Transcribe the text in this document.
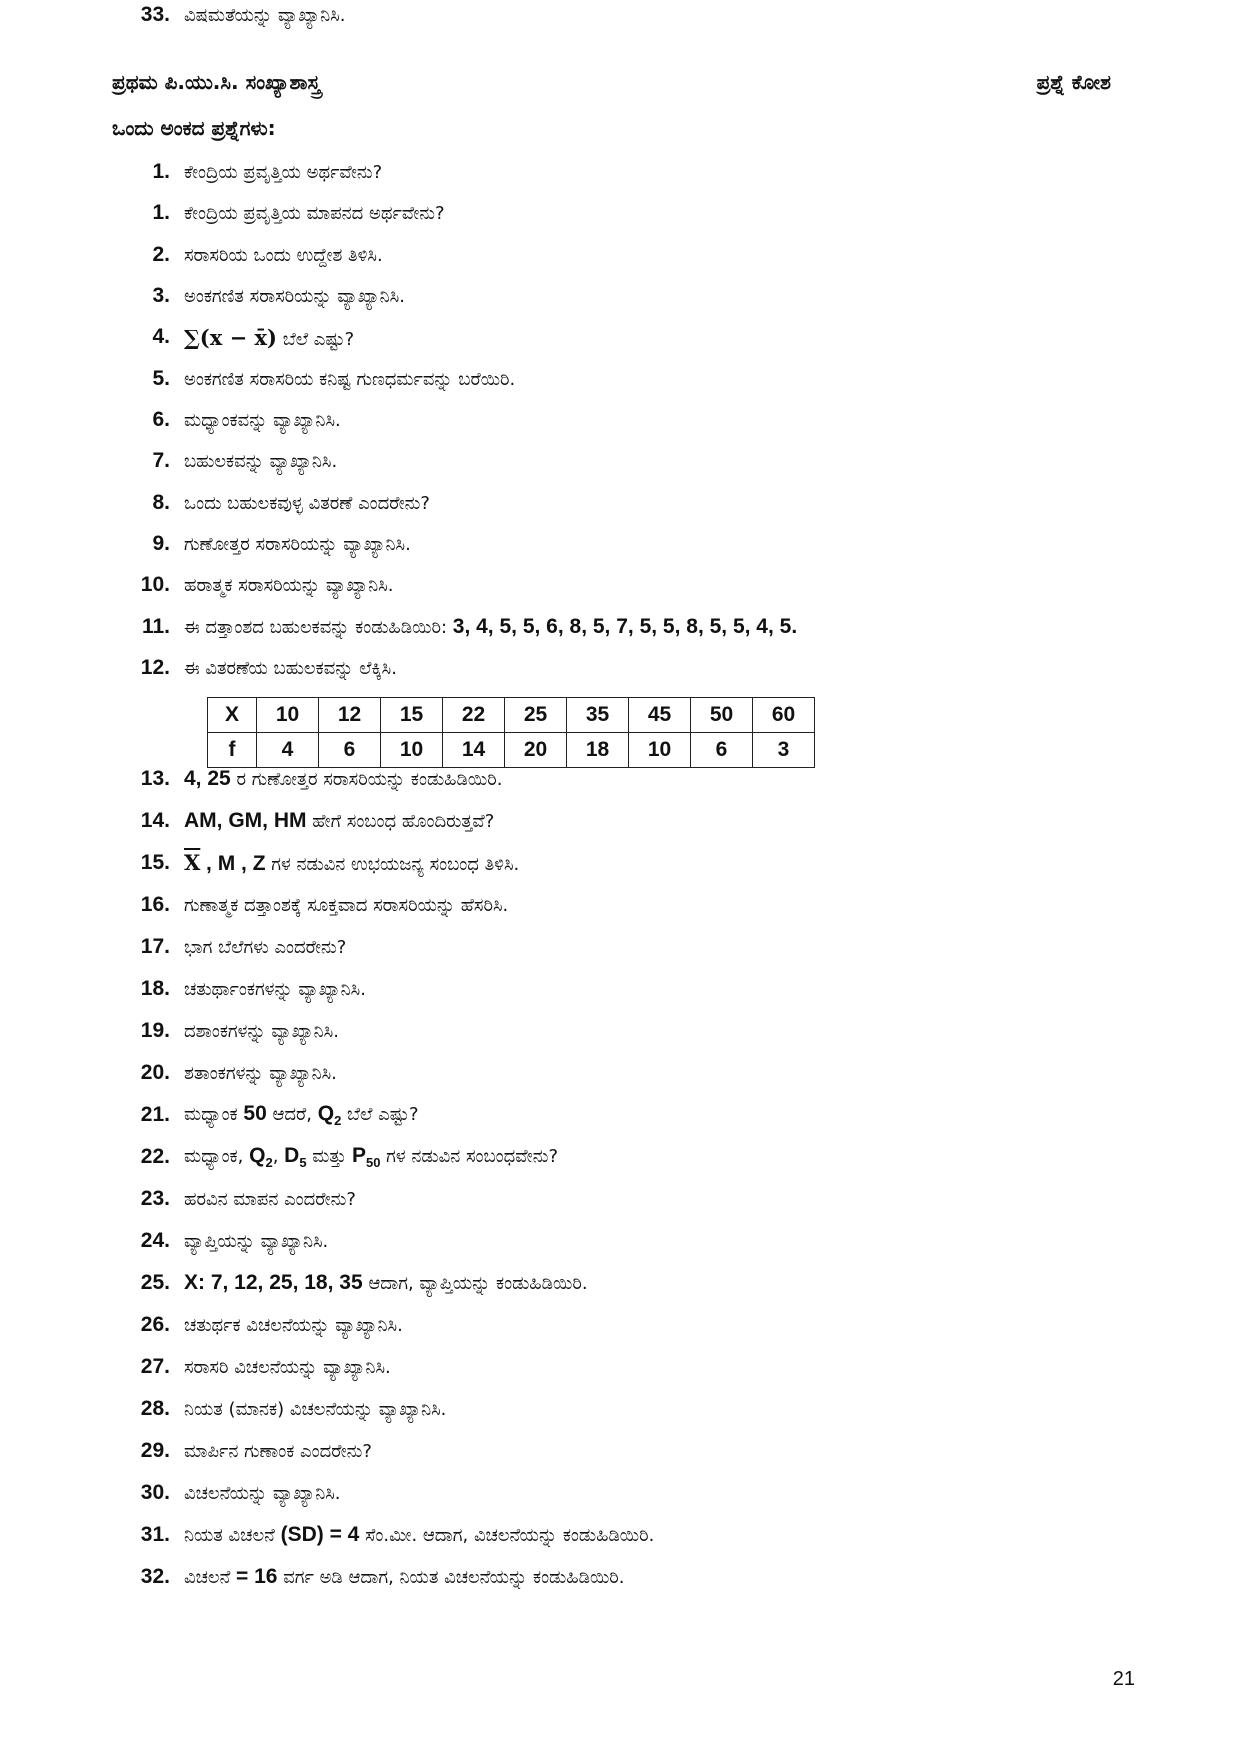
ಪ್ರಥಮ ಪಿ.ಯು.ಸಿ. ಸಂಖ್ಯಾಶಾಸ್ತ್ರ	ಪ್ರಶ್ನೆ ಕೋಶ
ಒಂದು ಅಂಕದ ಪ್ರಶ್ನೆಗಳು:
1. ಕೇಂದ್ರಿಯ ಪ್ರವೃತ್ತಿಯ ಅರ್ಥವೇನು?
1. ಕೇಂದ್ರಿಯ ಪ್ರವೃತ್ತಿಯ ಮಾಪನದ ಅರ್ಥವೇನು?
2. ಸರಾಸರಿಯ ಒಂದು ಉದ್ದೇಶ ತಿಳಿಸಿ.
3. ಅಂಕಗಣಿತ ಸರಾಸರಿಯನ್ನು ವ್ಯಾಖ್ಯಾನಿಸಿ.
4. ∑(x − x̄) ಬೆಲೆ ಎಷ್ಟು?
5. ಅಂಕಗಣಿತ ಸರಾಸರಿಯ ಕನಿಷ್ಟ ಗುಣಧರ್ಮವನ್ನು ಬರೆಯಿರಿ.
6. ಮಧ್ಯಾಂಕವನ್ನು ವ್ಯಾಖ್ಯಾನಿಸಿ.
7. ಬಹುಲಕವನ್ನು ವ್ಯಾಖ್ಯಾನಿಸಿ.
8. ಒಂದು ಬಹುಲಕವುಳ್ಳ ವಿತರಣೆ ಎಂದರೇನು?
9. ಗುಣೋತ್ತರ ಸರಾಸರಿಯನ್ನು ವ್ಯಾಖ್ಯಾನಿಸಿ.
10. ಹರಾತ್ಮಕ ಸರಾಸರಿಯನ್ನು ವ್ಯಾಖ್ಯಾನಿಸಿ.
11. ಈ ದತ್ತಾಂಶದ ಬಹುಲಕವನ್ನು ಕಂಡುಹಿಡಿಯಿರಿ: 3, 4, 5, 5, 6, 8, 5, 7, 5, 5, 8, 5, 5, 4, 5.
12. ಈ ವಿತರಣೆಯ ಬಹುಲಕವನ್ನು ಲೆಕ್ಕಿಸಿ.
13. 4, 25 ರ ಗುಣೋತ್ತರ ಸರಾಸರಿಯನ್ನು ಕಂಡುಹಿಡಿಯಿರಿ.
14. AM, GM, HM ಹೇಗೆ ಸಂಬಂಧ ಹೊಂದಿರುತ್ತವೆ?
15. $\overline{X}$ , M , Z ಗಳ ನಡುವಿನ ಉಭಯಜನ್ಯ ಸಂಬಂಧ ತಿಳಿಸಿ.
16. ಗುಣಾತ್ಮಕ ದತ್ತಾಂಶಕ್ಕೆ ಸೂಕ್ತವಾದ ಸರಾಸರಿಯನ್ನು ಹೆಸರಿಸಿ.
17. ಭಾಗ ಬೆಲೆಗಳು ಎಂದರೇನು?
18. ಚತುರ್ಥಾಂಕಗಳನ್ನು ವ್ಯಾಖ್ಯಾನಿಸಿ.
19. ದಶಾಂಕಗಳನ್ನು ವ್ಯಾಖ್ಯಾನಿಸಿ.
20. ಶತಾಂಕಗಳನ್ನು ವ್ಯಾಖ್ಯಾನಿಸಿ.
21. ಮಧ್ಯಾಂಕ 50 ಆದರೆ, $Q_2$ ಬೆಲೆ ಎಷ್ಟು?
22. ಮಧ್ಯಾಂಕ, $Q_2$, $D_5$ ಮತ್ತು $P_{50}$ ಗಳ ನಡುವಿನ ಸಂಬಂಧವೇನು?
23. ಹರವಿನ ಮಾಪನ ಎಂದರೇನು?
24. ವ್ಯಾಪ್ತಿಯನ್ನು ವ್ಯಾಖ್ಯಾನಿಸಿ.
25. X: 7, 12, 25, 18, 35 ಆದಾಗ, ವ್ಯಾಪ್ತಿಯನ್ನು ಕಂಡುಹಿಡಿಯಿರಿ.
26. ಚತುರ್ಥಕ ವಿಚಲನೆಯನ್ನು ವ್ಯಾಖ್ಯಾನಿಸಿ.
27. ಸರಾಸರಿ ವಿಚಲನೆಯನ್ನು ವ್ಯಾಖ್ಯಾನಿಸಿ.
28. ನಿಯತ (ಮಾನಕ) ವಿಚಲನೆಯನ್ನು ವ್ಯಾಖ್ಯಾನಿಸಿ.
29. ಮಾರ್ಪಿನ ಗುಣಾಂಕ ಎಂದರೇನು?
30. ವಿಚಲನೆಯನ್ನು ವ್ಯಾಖ್ಯಾನಿಸಿ.
31. ನಿಯತ ವಿಚಲನೆ (SD) = 4 ಸೆಂ.ಮೀ. ಆದಾಗ, ವಿಚಲನೆಯನ್ನು ಕಂಡುಹಿಡಿಯಿರಿ.
32. ವಿಚಲನೆ = 16 ವರ್ಗ ಅಡಿ ಆದಾಗ, ನಿಯತ ವಿಚಲನೆಯನ್ನು ಕಂಡುಹಿಡಿಯಿರಿ.
33. ವಿಷಮತೆಯನ್ನು ವ್ಯಾಖ್ಯಾನಿಸಿ.
X	10	12	15	22	25	35	45	50	60
f	4	6	10	14	20	18	10	6	3
21
